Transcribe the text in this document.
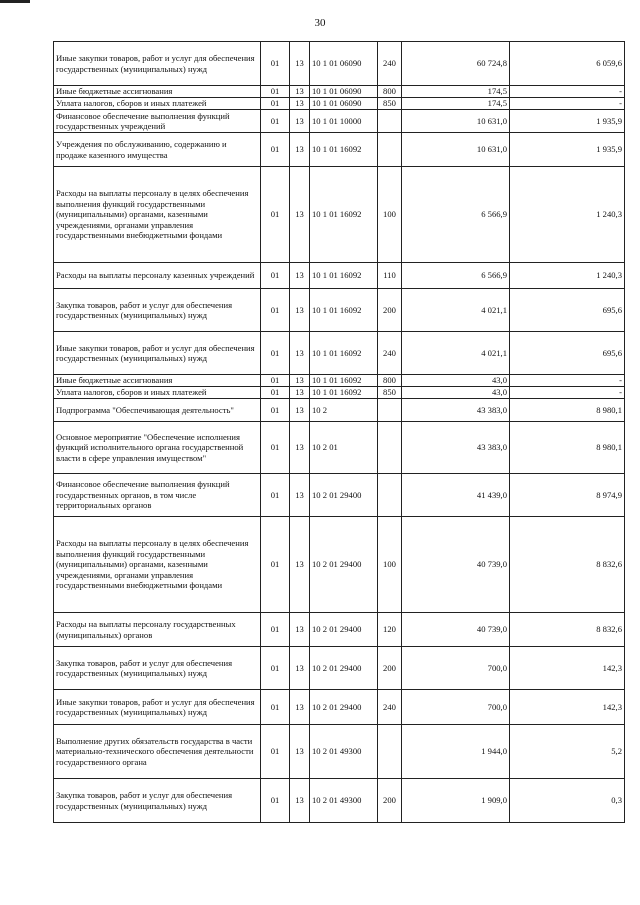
30
Иные закупки товаров, работ и услуг для обеспечения государственных (муниципальных) нужд	01	13	10 1 01 06090	240	60 724,8	6 059,6
Иные бюджетные ассигнования	01	13	10 1 01 06090	800	174,5	-
Уплата налогов, сборов и иных платежей	01	13	10 1 01 06090	850	174,5	-
Финансовое обеспечение выполнения функций государственных учреждений	01	13	10 1 01 10000		10 631,0	1 935,9
Учреждения по обслуживанию, содержанию и продаже казенного имущества	01	13	10 1 01 16092		10 631,0	1 935,9
Расходы на выплаты персоналу в целях обеспечения выполнения функций государственными (муниципальными) органами, казенными учреждениями, органами управления государственными внебюджетными фондами	01	13	10 1 01 16092	100	6 566,9	1 240,3
Расходы на выплаты персоналу казенных учреждений	01	13	10 1 01 16092	110	6 566,9	1 240,3
Закупка товаров, работ и услуг для обеспечения государственных (муниципальных) нужд	01	13	10 1 01 16092	200	4 021,1	695,6
Иные закупки товаров, работ и услуг для обеспечения государственных (муниципальных) нужд	01	13	10 1 01 16092	240	4 021,1	695,6
Иные бюджетные ассигнования	01	13	10 1 01 16092	800	43,0	-
Уплата налогов, сборов и иных платежей	01	13	10 1 01 16092	850	43,0	-
Подпрограмма "Обеспечивающая деятельность"	01	13	10 2		43 383,0	8 980,1
Основное мероприятие "Обеспечение исполнения функций исполнительного органа государственной власти в сфере управления имуществом"	01	13	10 2 01		43 383,0	8 980,1
Финансовое обеспечение выполнения функций государственных органов, в том числе территориальных органов	01	13	10 2 01 29400		41 439,0	8 974,9
Расходы на выплаты персоналу в целях обеспечения выполнения функций государственными (муниципальными) органами, казенными учреждениями, органами управления государственными внебюджетными фондами	01	13	10 2 01 29400	100	40 739,0	8 832,6
Расходы на выплаты персоналу государственных (муниципальных) органов	01	13	10 2 01 29400	120	40 739,0	8 832,6
Закупка товаров, работ и услуг для обеспечения государственных (муниципальных) нужд	01	13	10 2 01 29400	200	700,0	142,3
Иные закупки товаров, работ и услуг для обеспечения государственных (муниципальных) нужд	01	13	10 2 01 29400	240	700,0	142,3
Выполнение других обязательств государства в части материально-технического обеспечения деятельности государственного органа	01	13	10 2 01 49300		1 944,0	5,2
Закупка товаров, работ и услуг для обеспечения государственных (муниципальных) нужд	01	13	10 2 01 49300	200	1 909,0	0,3
